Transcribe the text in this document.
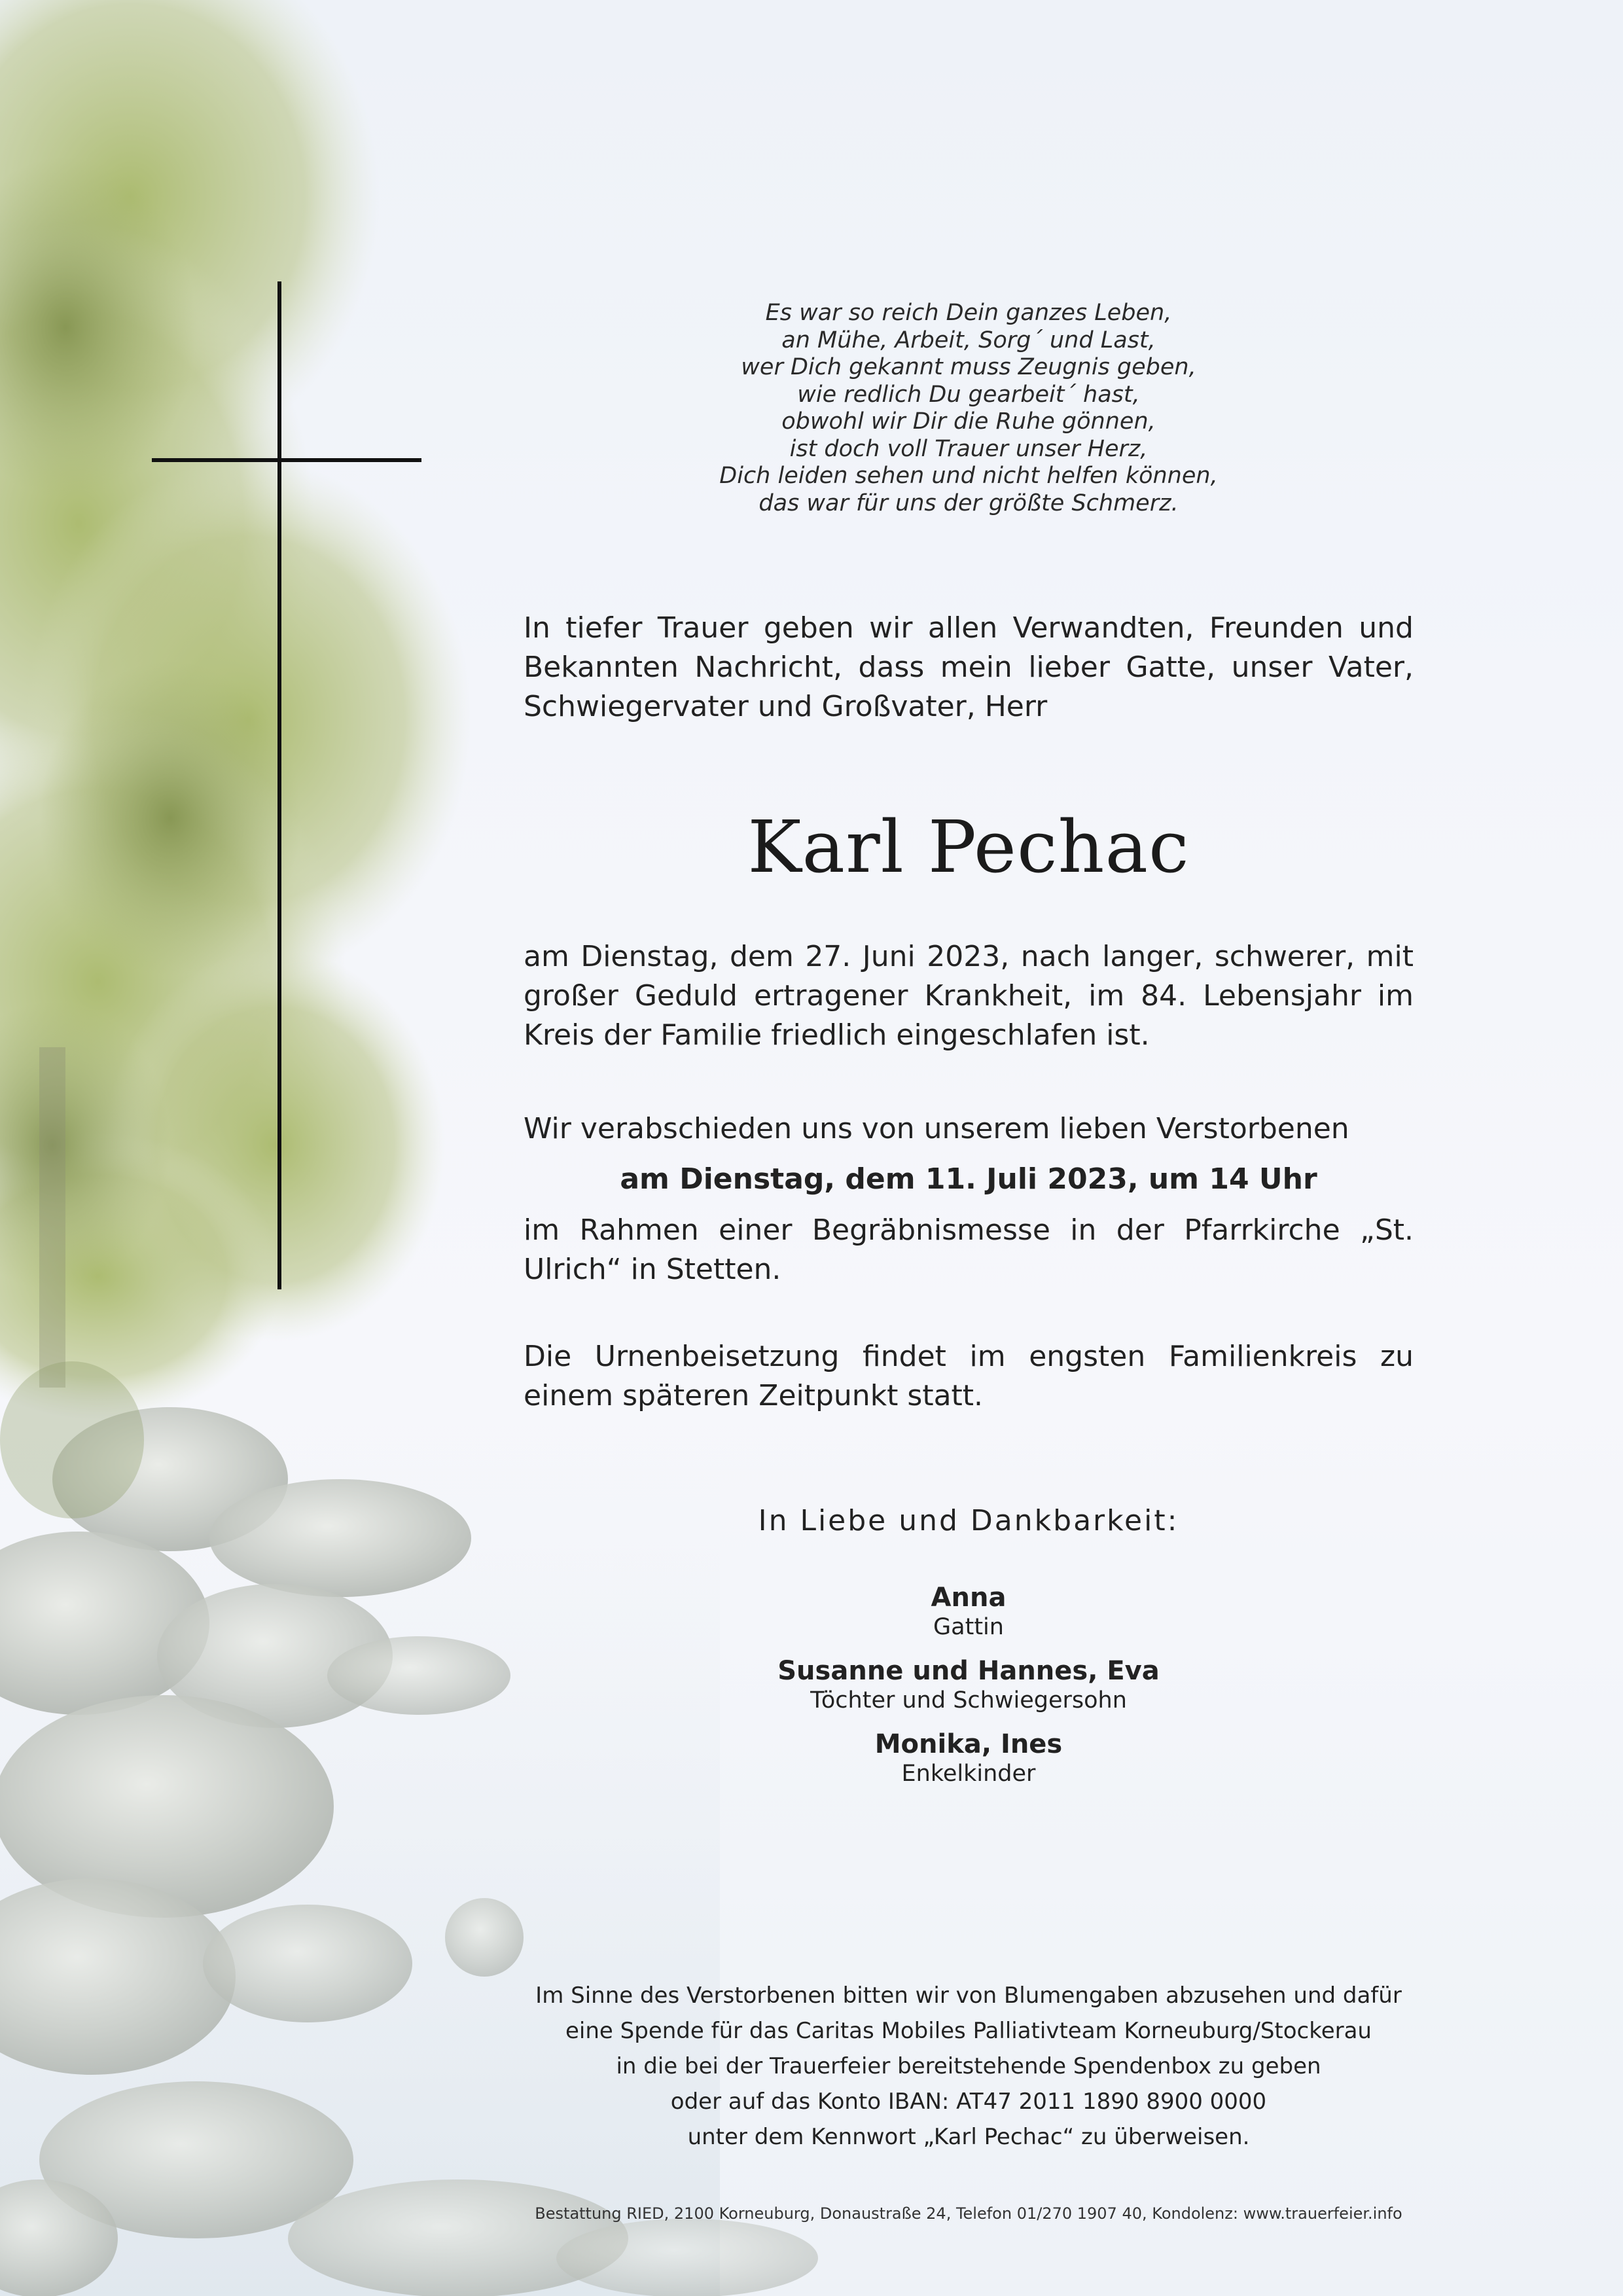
Es war so reich Dein ganzes Leben,
an Mühe, Arbeit, Sorg´ und Last,
wer Dich gekannt muss Zeugnis geben,
wie redlich Du gearbeit´ hast,
obwohl wir Dir die Ruhe gönnen,
ist doch voll Trauer unser Herz,
Dich leiden sehen und nicht helfen können,
das war für uns der größte Schmerz.
In tiefer Trauer geben wir allen Verwandten, Freunden und Bekannten Nachricht, dass mein lieber Gatte, unser Vater, Schwiegervater und Großvater, Herr
Karl Pechac
am Dienstag, dem 27. Juni 2023, nach langer, schwerer, mit großer Geduld ertragener Krankheit, im 84. Lebensjahr im Kreis der Familie friedlich eingeschlafen ist.
Wir verabschieden uns von unserem lieben Verstorbenen
am Dienstag, dem 11. Juli 2023, um 14 Uhr
im Rahmen einer Begräbnismesse in der Pfarrkirche „St. Ulrich“ in Stetten.
Die Urnenbeisetzung findet im engsten Familienkreis zu einem späteren Zeitpunkt statt.
In Liebe und Dankbarkeit:
Anna
Gattin
Susanne und Hannes, Eva
Töchter und Schwiegersohn
Monika, Ines
Enkelkinder
Im Sinne des Verstorbenen bitten wir von Blumengaben abzusehen und dafür
eine Spende für das Caritas Mobiles Palliativteam Korneuburg/Stockerau
in die bei der Trauerfeier bereitstehende Spendenbox zu geben
oder auf das Konto IBAN: AT47 2011 1890 8900 0000
unter dem Kennwort „Karl Pechac“ zu überweisen.
Bestattung RIED, 2100 Korneuburg, Donaustraße 24, Telefon 01/270 1907 40, Kondolenz: www.trauerfeier.info
